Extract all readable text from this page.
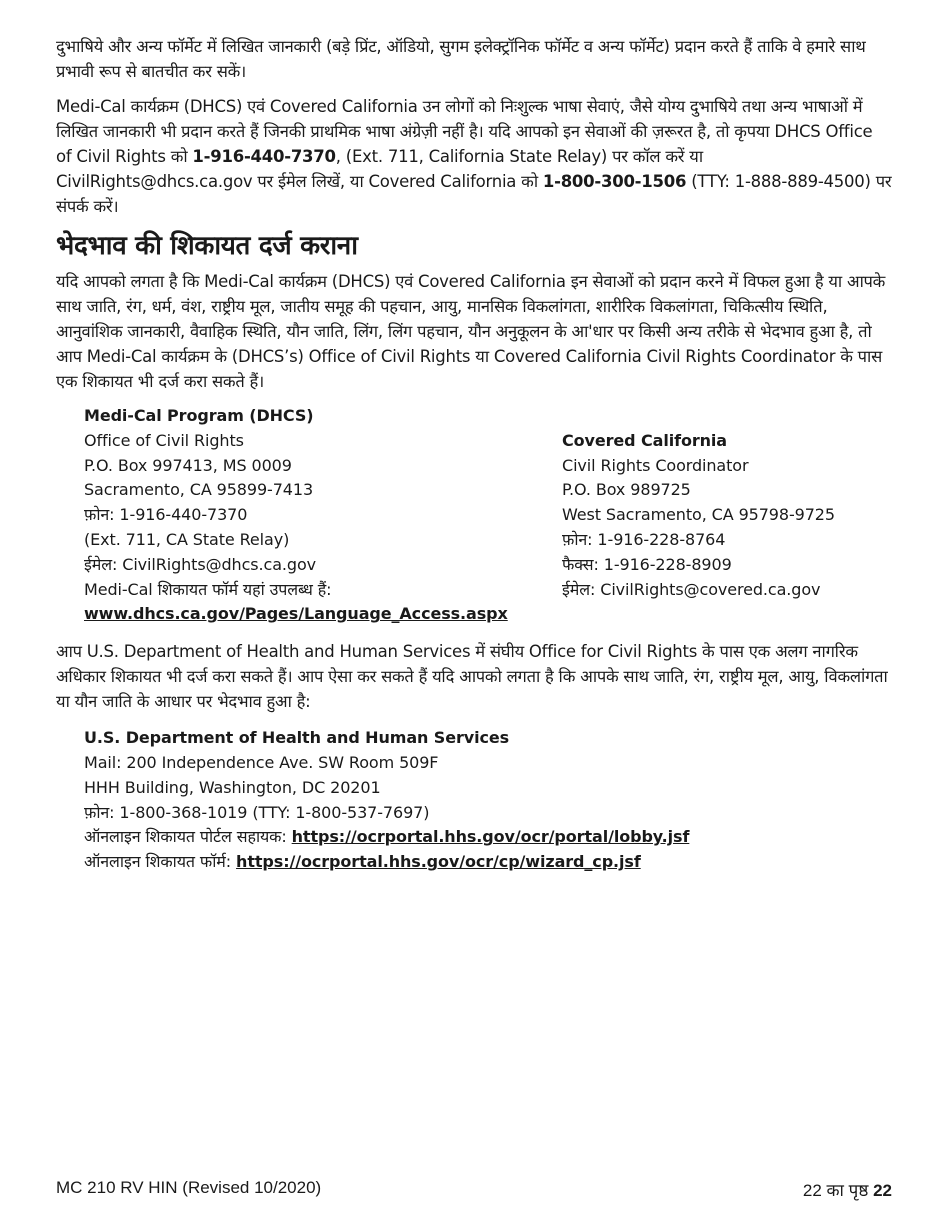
दुभाषिये और अन्य फॉर्मेट में लिखित जानकारी (बड़े प्रिंट, ऑडियो, सुगम इलेक्ट्रॉनिक फॉर्मेट व अन्य फॉर्मेट) प्रदान करते हैं ताकि वे हमारे साथ प्रभावी रूप से बातचीत कर सकें।

Medi-Cal कार्यक्रम (DHCS) एवं Covered California उन लोगों को निःशुल्क भाषा सेवाएं, जैसे योग्य दुभाषिये तथा अन्य भाषाओं में लिखित जानकारी भी प्रदान करते हैं जिनकी प्राथमिक भाषा अंग्रेज़ी नहीं है। यदि आपको इन सेवाओं की ज़रूरत है, तो कृपया DHCS Office of Civil Rights को 1-916-440-7370, (Ext. 711, California State Relay) पर कॉल करें या CivilRights@dhcs.ca.gov पर ईमेल लिखें, या Covered California को 1-800-300-1506 (TTY: 1-888-889-4500) पर संपर्क करें।

भेदभाव की शिकायत दर्ज कराना

यदि आपको लगता है कि Medi-Cal कार्यक्रम (DHCS) एवं Covered California इन सेवाओं को प्रदान करने में विफल हुआ है या आपके साथ जाति, रंग, धर्म, वंश, राष्ट्रीय मूल, जातीय समूह की पहचान, आयु, मानसिक विकलांगता, शारीरिक विकलांगता, चिकित्सीय स्थिति, आनुवांशिक जानकारी, वैवाहिक स्थिति, यौन जाति, लिंग, लिंग पहचान, यौन अनुकूलन के आ'धार पर किसी अन्य तरीके से भेदभाव हुआ है, तो आप Medi-Cal कार्यक्रम के (DHCS’s) Office of Civil Rights या Covered California Civil Rights Coordinator के पास एक शिकायत भी दर्ज करा सकते हैं।

Medi-Cal Program (DHCS)
Office of Civil Rights
P.O. Box 997413, MS 0009
Sacramento, CA 95899-7413
फ़ोन: 1-916-440-7370
(Ext. 711, CA State Relay)
ईमेल: CivilRights@dhcs.ca.gov
Medi-Cal शिकायत फॉर्म यहां उपलब्ध हैं:
www.dhcs.ca.gov/Pages/Language_Access.aspx
Covered California
Civil Rights Coordinator
P.O. Box 989725
West Sacramento, CA 95798-9725
फ़ोन: 1-916-228-8764
फैक्स: 1-916-228-8909
ईमेल: CivilRights@covered.ca.gov

आप U.S. Department of Health and Human Services में संघीय Office for Civil Rights के पास एक अलग नागरिक अधिकार शिकायत भी दर्ज करा सकते हैं। आप ऐसा कर सकते हैं यदि आपको लगता है कि आपके साथ जाति, रंग, राष्ट्रीय मूल, आयु, विकलांगता या यौन जाति के आधार पर भेदभाव हुआ है:

U.S. Department of Health and Human Services
Mail: 200 Independence Ave. SW Room 509F
HHH Building, Washington, DC 20201
फ़ोन: 1-800-368-1019 (TTY: 1-800-537-7697)
ऑनलाइन शिकायत पोर्टल सहायक: https://ocrportal.hhs.gov/ocr/portal/lobby.jsf
ऑनलाइन शिकायत फॉर्म: https://ocrportal.hhs.gov/ocr/cp/wizard_cp.jsf
MC 210 RV HIN (Revised 10/2020)	22 का पृष्ठ 22
